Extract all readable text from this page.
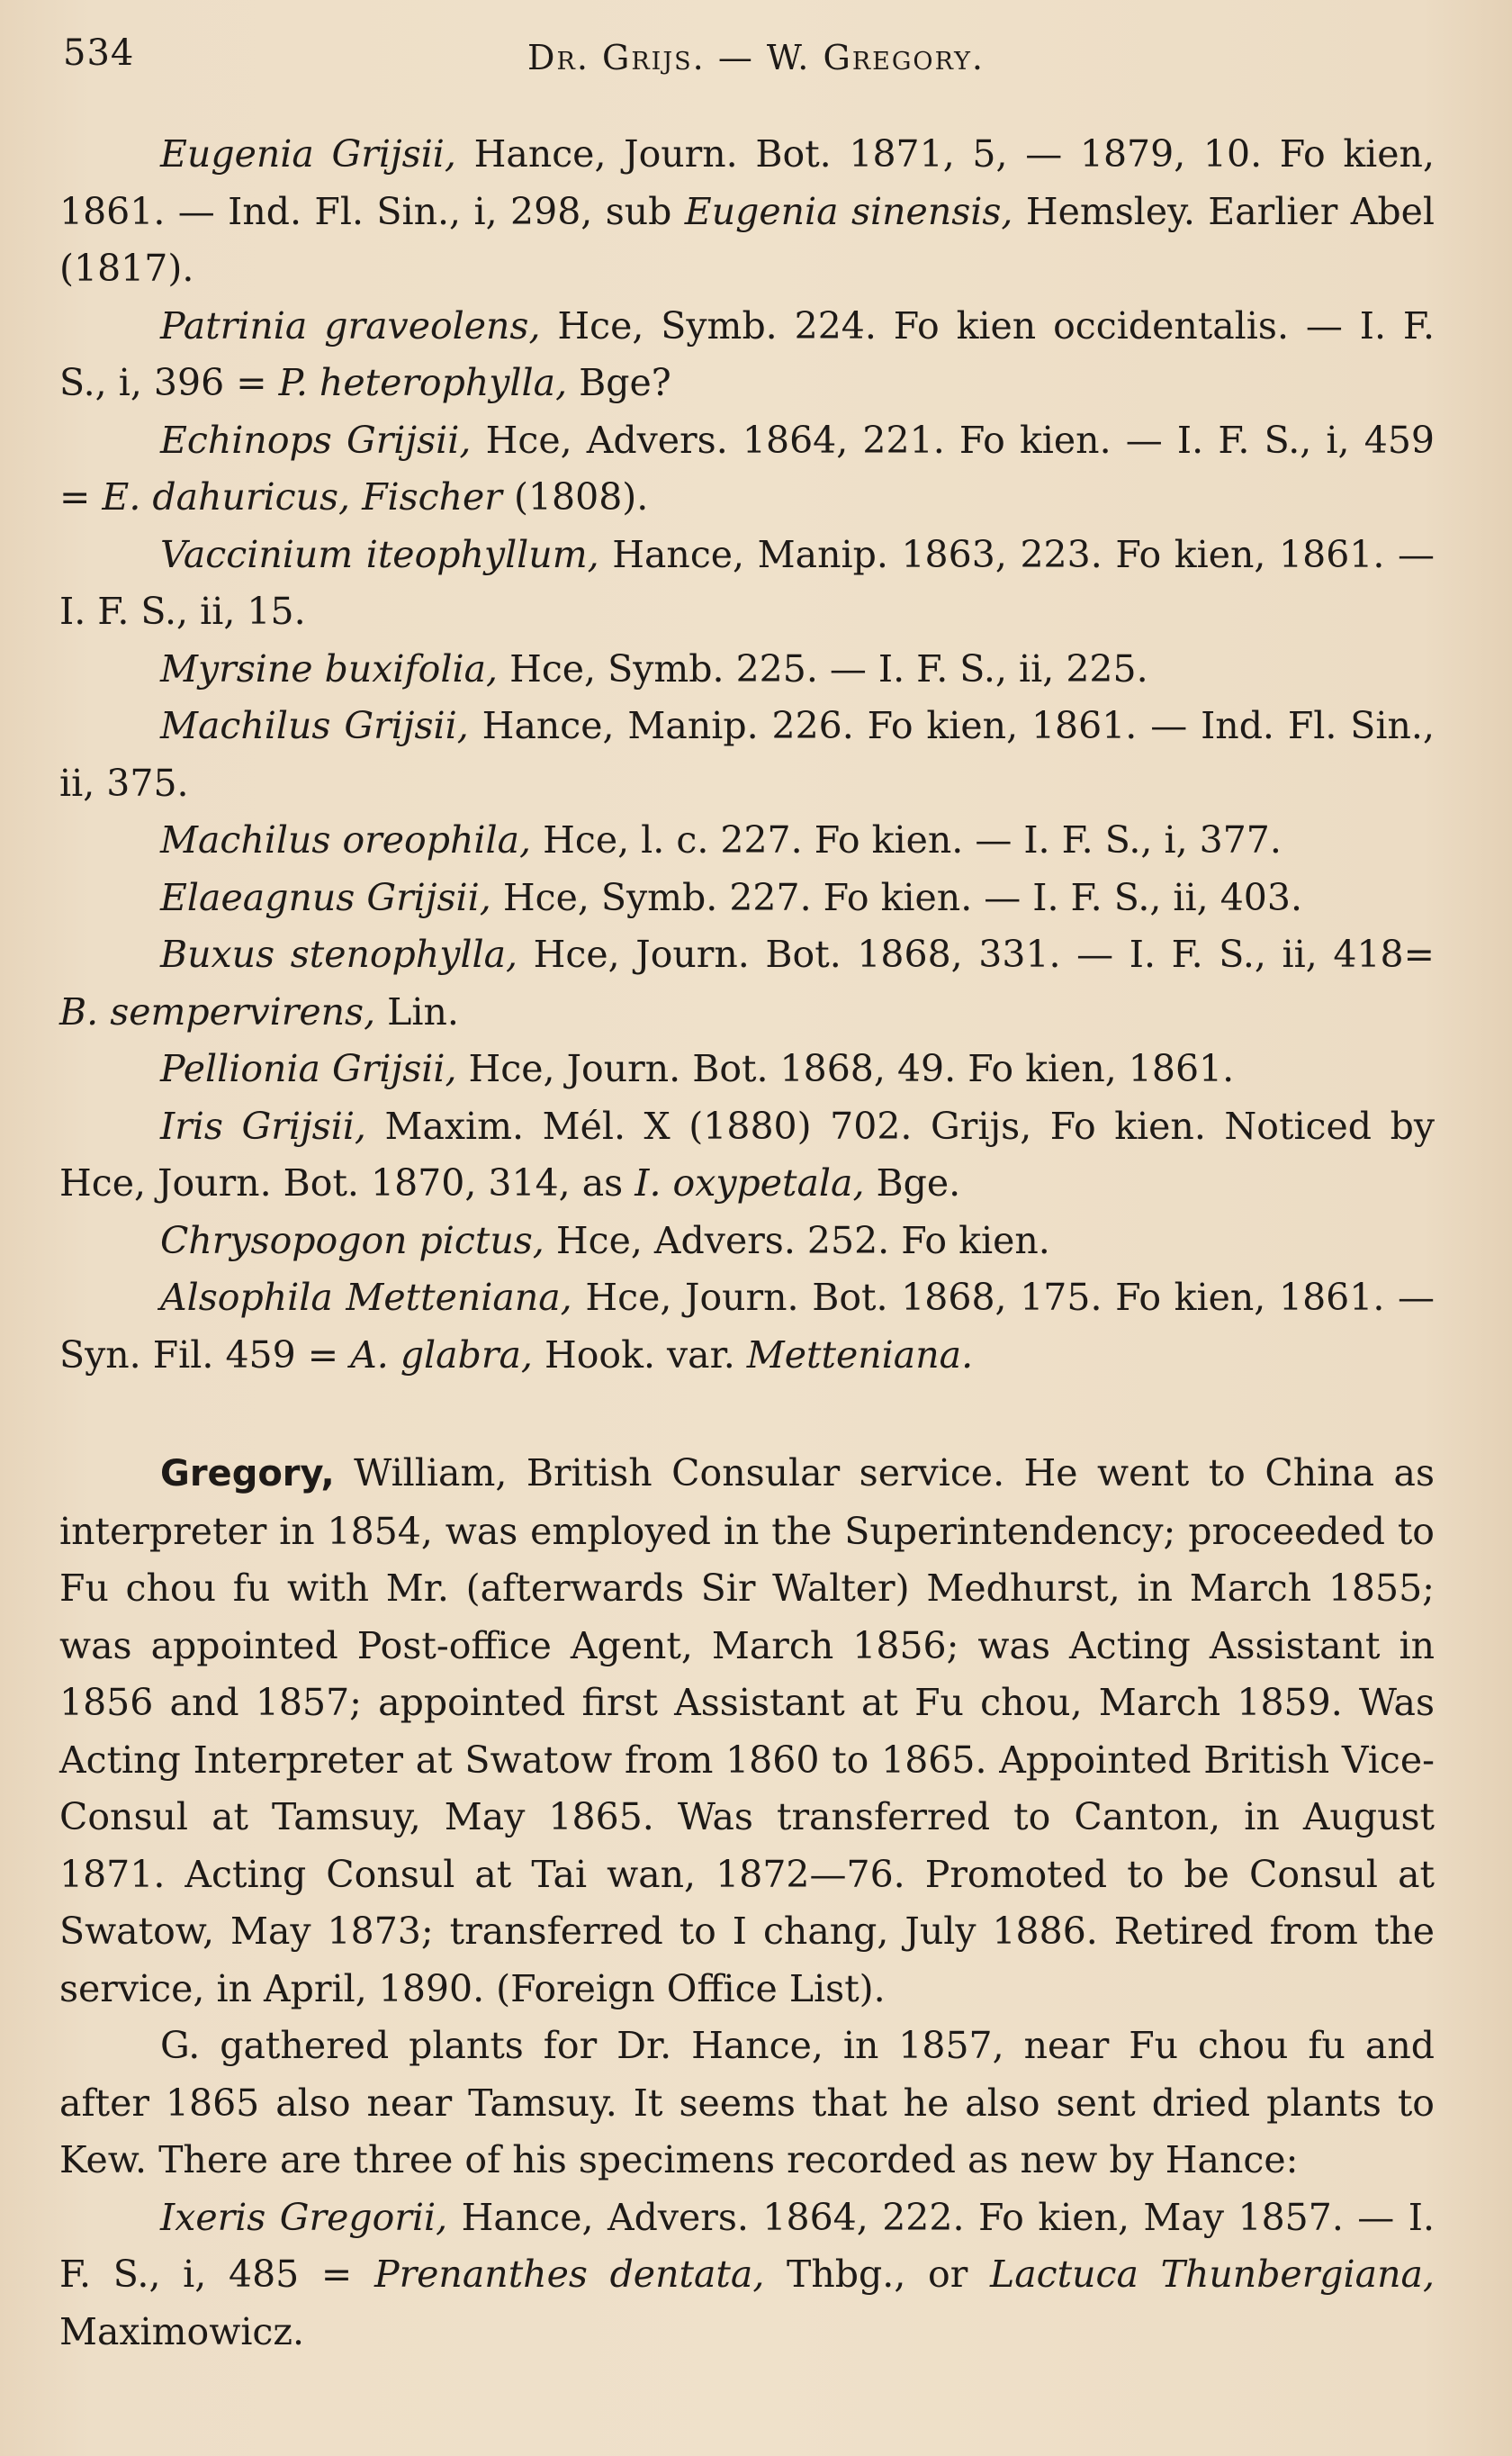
534	Dr. Grijs. — W. Gregory.

Eugenia Grijsii, Hance, Journ. Bot. 1871, 5, — 1879, 10. Fo kien, 1861. — Ind. Fl. Sin., i, 298, sub Eugenia sinensis, Hemsley. Earlier Abel (1817).

Patrinia graveolens, Hce, Symb. 224. Fo kien occidentalis. — I. F. S., i, 396 = P. heterophylla, Bge?

Echinops Grijsii, Hce, Advers. 1864, 221. Fo kien. — I. F. S., i, 459 = E. dahuricus, Fischer (1808).

Vaccinium iteophyllum, Hance, Manip. 1863, 223. Fo kien, 1861. — I. F. S., ii, 15.

Myrsine buxifolia, Hce, Symb. 225. — I. F. S., ii, 225.

Machilus Grijsii, Hance, Manip. 226. Fo kien, 1861. — Ind. Fl. Sin., ii, 375.

Machilus oreophila, Hce, l. c. 227. Fo kien. — I. F. S., i, 377.

Elaeagnus Grijsii, Hce, Symb. 227. Fo kien. — I. F. S., ii, 403.

Buxus stenophylla, Hce, Journ. Bot. 1868, 331. — I. F. S., ii, 418= B. sempervirens, Lin.

Pellionia Grijsii, Hce, Journ. Bot. 1868, 49. Fo kien, 1861.

Iris Grijsii, Maxim. Mél. X (1880) 702. Grijs, Fo kien. Noticed by Hce, Journ. Bot. 1870, 314, as I. oxypetala, Bge.

Chrysopogon pictus, Hce, Advers. 252. Fo kien.

Alsophila Metteniana, Hce, Journ. Bot. 1868, 175. Fo kien, 1861. — Syn. Fil. 459 = A. glabra, Hook. var. Metteniana.

Gregory, William, British Consular service. He went to China as interpreter in 1854, was employed in the Superintendency; proceeded to Fu chou fu with Mr. (afterwards Sir Walter) Medhurst, in March 1855; was appointed Post-office Agent, March 1856; was Acting Assistant in 1856 and 1857; appointed first Assistant at Fu chou, March 1859. Was Acting Interpreter at Swatow from 1860 to 1865. Appointed British Vice-Consul at Tamsuy, May 1865. Was transferred to Canton, in August 1871. Acting Consul at Tai wan, 1872—76. Promoted to be Consul at Swatow, May 1873; transferred to I chang, July 1886. Retired from the service, in April, 1890. (Foreign Office List).

G. gathered plants for Dr. Hance, in 1857, near Fu chou fu and after 1865 also near Tamsuy. It seems that he also sent dried plants to Kew. There are three of his specimens recorded as new by Hance:

Ixeris Gregorii, Hance, Advers. 1864, 222. Fo kien, May 1857. — I. F. S., i, 485 = Prenanthes dentata, Thbg., or Lactuca Thunbergiana, Maximowicz.
